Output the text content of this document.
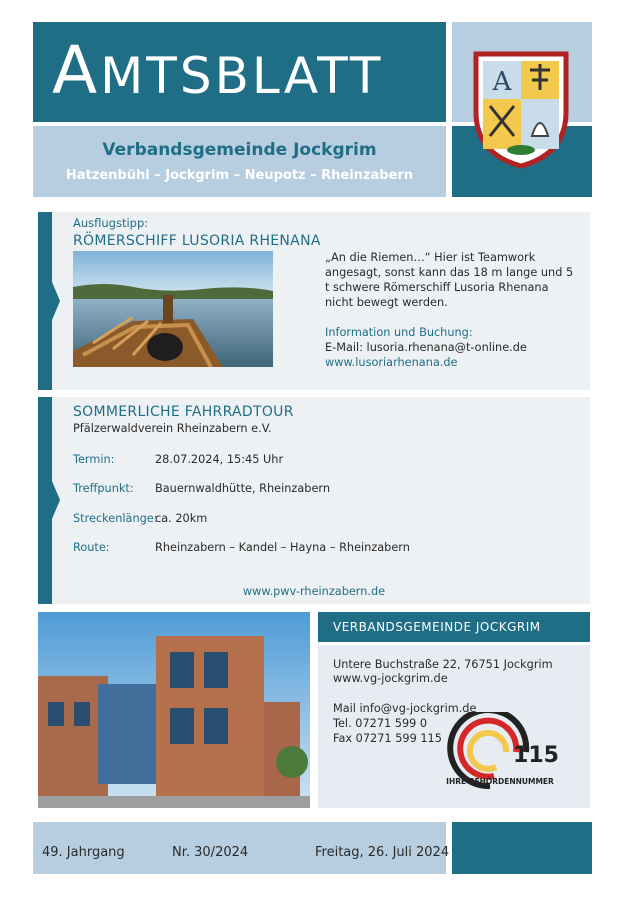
AMTSBLATT
Verbandsgemeinde Jockgrim
Hatzenbühl – Jockgrim – Neupotz – Rheinzabern
A
Ausflugstipp:
RÖMERSCHIFF LUSORIA RHENANA
„An die Riemen…“ Hier ist Teamwork angesagt, sonst kann das 18 m lange und 5 t schwere Römerschiff Lusoria Rhenana nicht bewegt werden.
Information und Buchung:
E-Mail: lusoria.rhenana@t-online.de
www.lusoriarhenana.de
SOMMERLICHE FAHRRADTOUR
Pfälzerwaldverein Rheinzabern e.V.
Termin:	28.07.2024, 15:45 Uhr
Treffpunkt: Bauernwaldhütte, Rheinzabern
Streckenlänge:
ca. 20km
Route:	Rheinzabern – Kandel – Hayna – Rheinzabern
www.pwv-rheinzabern.de
VERBANDSGEMEINDE JOCKGRIM
Untere Buchstraße 22, 76751 Jockgrim
www.vg-jockgrim.de
Mail info@vg-jockgrim.de
Tel. 07271 599 0
Fax 07271 599 115
115
IHRE BEHÖRDENNUMMER
49. Jahrgang	Nr. 30/2024	Freitag, 26. Juli 2024
